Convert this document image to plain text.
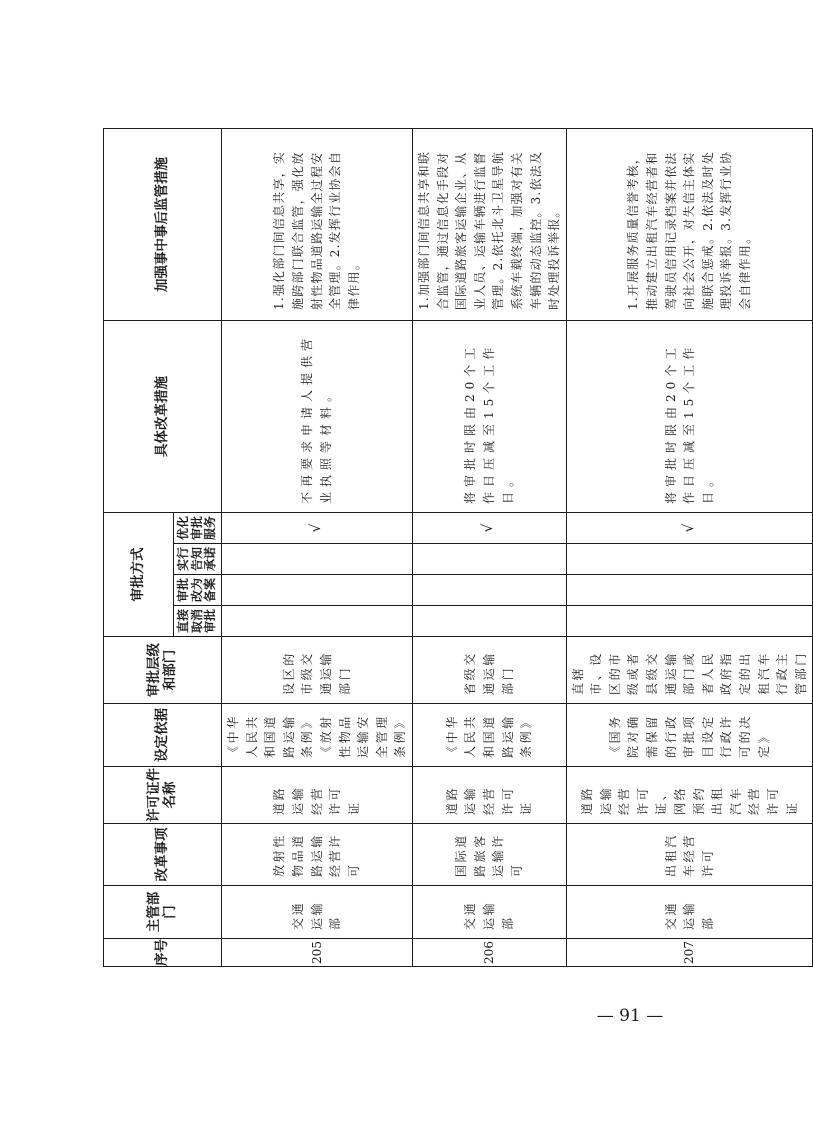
序号	主管部门	改革事项	许可证件名称	设定依据	审批层级和部门	审批方式				具体改革措施	加强事中事后监管措施
						直接取消审批	审批改为备案	实行告知承诺	优化审批服务		
205	交通运输部	放射性物品道路运输经营许可	道路运输经营许可证	《中华人民共和国道路运输条例》《放射性物品运输安全管理条例》	设区的市级交通运输部门				√	不再要求申请人提供营业执照等材料。	1.强化部门间信息共享，实施跨部门联合监管，强化放射性物品道路运输全过程安全管理。2.发挥行业协会自律作用。
206	交通运输部	国际道路旅客运输许可	道路运输经营许可证	《中华人民共和国道路运输条例》	省级交通运输部门				√	将审批时限由20个工作日压减至15个工作日。	1.加强部门间信息共享和联合监管，通过信息化手段对国际道路旅客运输企业、从业人员、运输车辆进行监督管理。2.依托北斗卫星导航系统车载终端，加强对有关车辆的动态监控。3.依法及时处理投诉举报。
207	交通运输部	出租汽车经营许可	道路运输经营许可证、网络预约出租汽车经营许可证	《国务院对确需保留的行政审批项目设定行政许可的决定》	直辖市、设区的市级或者县级交通运输部门或者人民政府指定的出租汽车行政主管部门				√	将审批时限由20个工作日压减至15个工作日。	1.开展服务质量信誉考核，推动建立出租汽车经营者和驾驶员信用记录档案并依法向社会公开，对失信主体实施联合惩戒。2.依法及时处理投诉举报。3.发挥行业协会自律作用。
— 91 —
